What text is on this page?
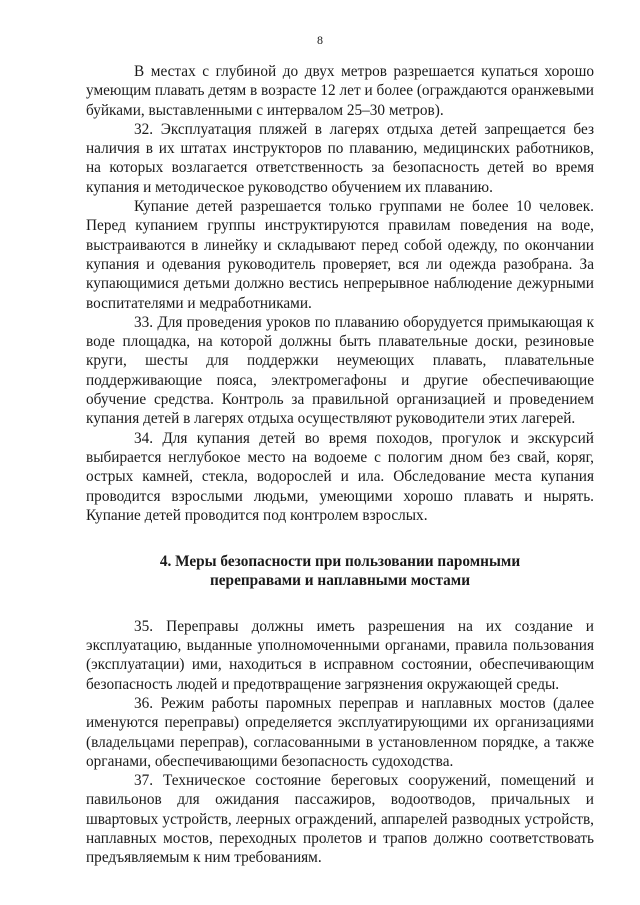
8

В местах с глубиной до двух метров разрешается купаться хорошо умеющим плавать детям в возрасте 12 лет и более (ограждаются оранжевыми буйками, выставленными с интервалом 25–30 метров).

32. Эксплуатация пляжей в лагерях отдыха детей запрещается без наличия в их штатах инструкторов по плаванию, медицинских работников, на которых возлагается ответственность за безопасность детей во время купания и методическое руководство обучением их плаванию.

Купание детей разрешается только группами не более 10 человек. Перед купанием группы инструктируются правилам поведения на воде, выстраиваются в линейку и складывают перед собой одежду, по окончании купания и одевания руководитель проверяет, вся ли одежда разобрана. За купающимися детьми должно вестись непрерывное наблюдение дежурными воспитателями и медработниками.

33. Для проведения уроков по плаванию оборудуется примыкающая к воде площадка, на которой должны быть плавательные доски, резиновые круги, шесты для поддержки неумеющих плавать, плавательные поддерживающие пояса, электромегафоны и другие обеспечивающие обучение средства. Контроль за правильной организацией и проведением купания детей в лагерях отдыха осуществляют руководители этих лагерей.

34. Для купания детей во время походов, прогулок и экскурсий выбирается неглубокое место на водоеме с пологим дном без свай, коряг, острых камней, стекла, водорослей и ила. Обследование места купания проводится взрослыми людьми, умеющими хорошо плавать и нырять. Купание детей проводится под контролем взрослых.

4. Меры безопасности при пользовании паромными
переправами и наплавными мостами

35. Переправы должны иметь разрешения на их создание и эксплуатацию, выданные уполномоченными органами, правила пользования (эксплуатации) ими, находиться в исправном состоянии, обеспечивающим безопасность людей и предотвращение загрязнения окружающей среды.

36. Режим работы паромных переправ и наплавных мостов (далее именуются переправы) определяется эксплуатирующими их организациями (владельцами переправ), согласованными в установленном порядке, а также органами, обеспечивающими безопасность судоходства.

37. Техническое состояние береговых сооружений, помещений и павильонов для ожидания пассажиров, водоотводов, причальных и швартовых устройств, леерных ограждений, аппарелей разводных устройств, наплавных мостов, переходных пролетов и трапов должно соответствовать предъявляемым к ним требованиям.
